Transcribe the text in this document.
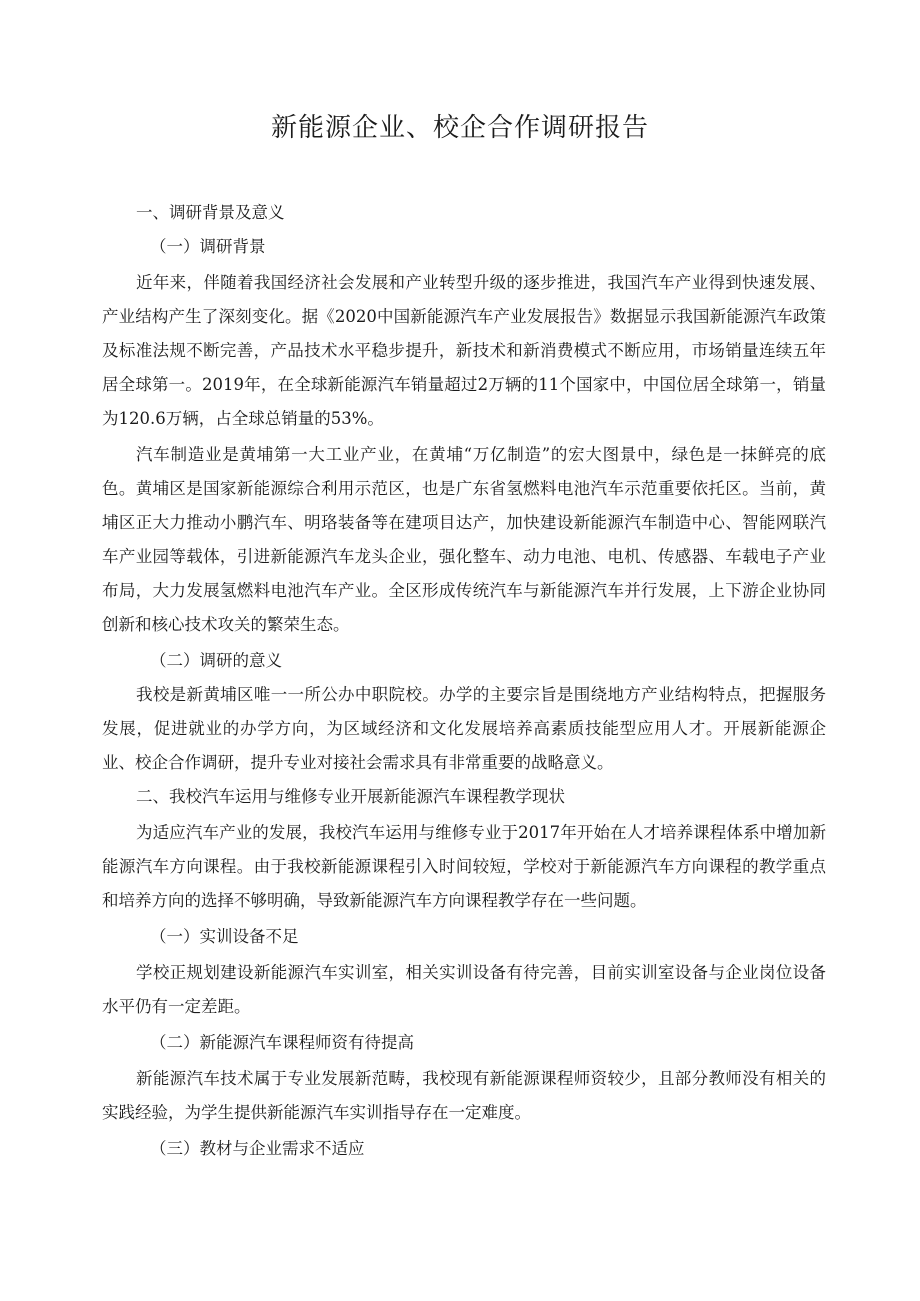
新能源企业、校企合作调研报告

一、调研背景及意义

（一）调研背景

近年来，伴随着我国经济社会发展和产业转型升级的逐步推进，我国汽车产业得到快速发展、产业结构产生了深刻变化。据《2020中国新能源汽车产业发展报告》数据显示我国新能源汽车政策及标准法规不断完善，产品技术水平稳步提升，新技术和新消费模式不断应用，市场销量连续五年居全球第一。2019年，在全球新能源汽车销量超过2万辆的11个国家中，中国位居全球第一，销量为120.6万辆，占全球总销量的53%。

汽车制造业是黄埔第一大工业产业，在黄埔“万亿制造”的宏大图景中，绿色是一抹鲜亮的底色。黄埔区是国家新能源综合利用示范区，也是广东省氢燃料电池汽车示范重要依托区。当前，黄埔区正大力推动小鹏汽车、明珞装备等在建项目达产，加快建设新能源汽车制造中心、智能网联汽车产业园等载体，引进新能源汽车龙头企业，强化整车、动力电池、电机、传感器、车载电子产业布局，大力发展氢燃料电池汽车产业。全区形成传统汽车与新能源汽车并行发展，上下游企业协同创新和核心技术攻关的繁荣生态。

（二）调研的意义

我校是新黄埔区唯一一所公办中职院校。办学的主要宗旨是围绕地方产业结构特点，把握服务发展，促进就业的办学方向，为区域经济和文化发展培养高素质技能型应用人才。开展新能源企业、校企合作调研，提升专业对接社会需求具有非常重要的战略意义。

二、我校汽车运用与维修专业开展新能源汽车课程教学现状

为适应汽车产业的发展，我校汽车运用与维修专业于2017年开始在人才培养课程体系中增加新能源汽车方向课程。由于我校新能源课程引入时间较短，学校对于新能源汽车方向课程的教学重点和培养方向的选择不够明确，导致新能源汽车方向课程教学存在一些问题。

（一）实训设备不足

学校正规划建设新能源汽车实训室，相关实训设备有待完善，目前实训室设备与企业岗位设备水平仍有一定差距。

（二）新能源汽车课程师资有待提高

新能源汽车技术属于专业发展新范畴，我校现有新能源课程师资较少，且部分教师没有相关的实践经验，为学生提供新能源汽车实训指导存在一定难度。

（三）教材与企业需求不适应
